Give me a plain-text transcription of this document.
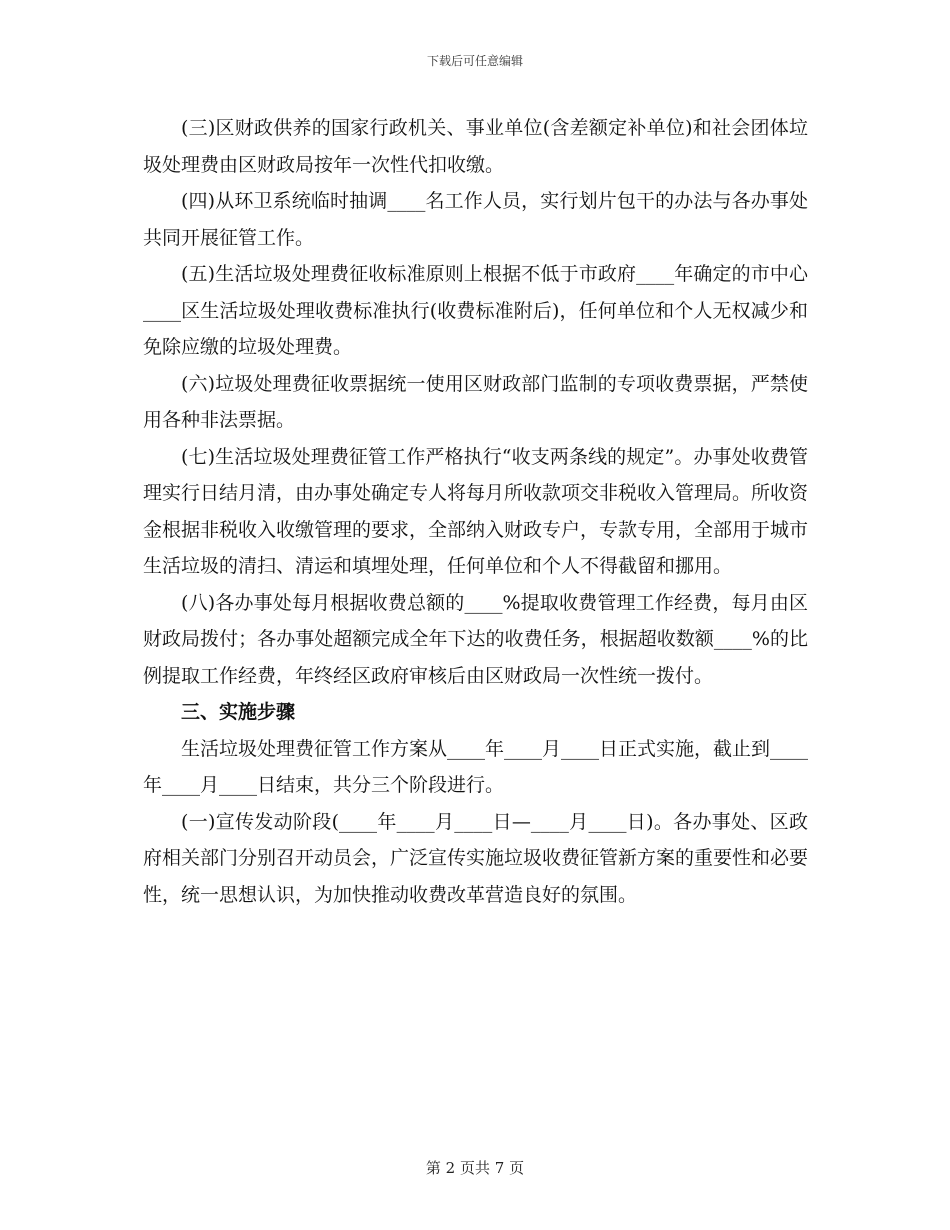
下载后可任意编辑

(三)区财政供养的国家行政机关、事业单位(含差额定补单位)和社会团体垃圾处理费由区财政局按年一次性代扣收缴。

(四)从环卫系统临时抽调____名工作人员，实行划片包干的办法与各办事处共同开展征管工作。

(五)生活垃圾处理费征收标准原则上根据不低于市政府____年确定的市中心____区生活垃圾处理收费标准执行(收费标准附后)，任何单位和个人无权减少和免除应缴的垃圾处理费。

(六)垃圾处理费征收票据统一使用区财政部门监制的专项收费票据，严禁使用各种非法票据。

(七)生活垃圾处理费征管工作严格执行“收支两条线的规定”。办事处收费管理实行日结月清，由办事处确定专人将每月所收款项交非税收入管理局。所收资金根据非税收入收缴管理的要求，全部纳入财政专户，专款专用，全部用于城市生活垃圾的清扫、清运和填埋处理，任何单位和个人不得截留和挪用。

(八)各办事处每月根据收费总额的____%提取收费管理工作经费，每月由区财政局拨付；各办事处超额完成全年下达的收费任务，根据超收数额____%的比例提取工作经费，年终经区政府审核后由区财政局一次性统一拨付。

三、实施步骤

生活垃圾处理费征管工作方案从____年____月____日正式实施，截止到____年____月____日结束，共分三个阶段进行。

(一)宣传发动阶段(____年____月____日—____月____日)。各办事处、区政府相关部门分别召开动员会，广泛宣传实施垃圾收费征管新方案的重要性和必要性，统一思想认识，为加快推动收费改革营造良好的氛围。

第 2 页共 7 页
